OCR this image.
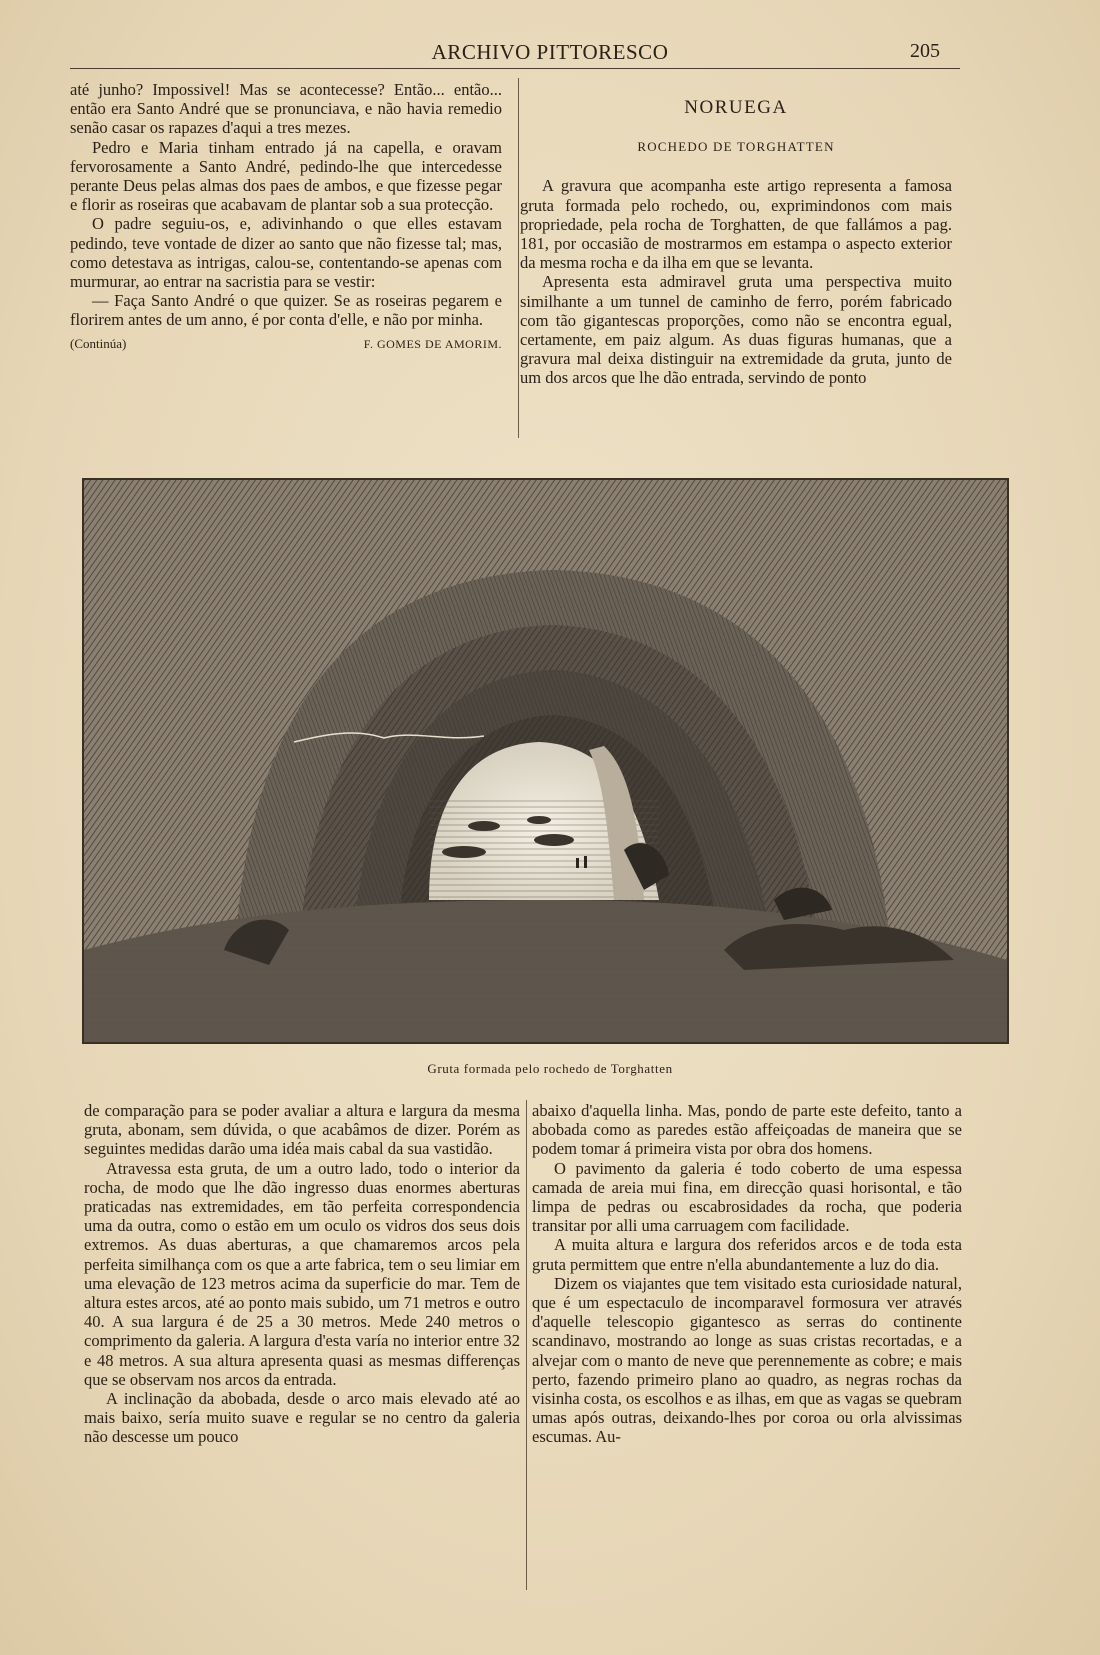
ARCHIVO PITTORESCO	205

até junho? Impossivel! Mas se acontecesse? Então... então... então era Santo André que se pronunciava, e não havia remedio senão casar os rapazes d'aqui a tres mezes.

Pedro e Maria tinham entrado já na capella, e oravam fervorosamente a Santo André, pedindo-lhe que intercedesse perante Deus pelas almas dos paes de ambos, e que fizesse pegar e florir as roseiras que acabavam de plantar sob a sua protecção.

O padre seguiu-os, e, adivinhando o que elles estavam pedindo, teve vontade de dizer ao santo que não fizesse tal; mas, como detestava as intrigas, calou-se, contentando-se apenas com murmurar, ao entrar na sacristia para se vestir:

— Faça Santo André o que quizer. Se as roseiras pegarem e florirem antes de um anno, é por conta d'elle, e não por minha.

(Continúa)	F. GOMES DE AMORIM.
NORUEGA
ROCHEDO DE TORGHATTEN

A gravura que acompanha este artigo representa a famosa gruta formada pelo rochedo, ou, exprimindonos com mais propriedade, pela rocha de Torghatten, de que fallámos a pag. 181, por occasião de mostrarmos em estampa o aspecto exterior da mesma rocha e da ilha em que se levanta.

Apresenta esta admiravel gruta uma perspectiva muito similhante a um tunnel de caminho de ferro, porém fabricado com tão gigantescas proporções, como não se encontra egual, certamente, em paiz algum. As duas figuras humanas, que a gravura mal deixa distinguir na extremidade da gruta, junto de um dos arcos que lhe dão entrada, servindo de ponto

Gruta formada pelo rochedo de Torghatten

de comparação para se poder avaliar a altura e largura da mesma gruta, abonam, sem dúvida, o que acabâmos de dizer. Porém as seguintes medidas darão uma idéa mais cabal da sua vastidão.

Atravessa esta gruta, de um a outro lado, todo o interior da rocha, de modo que lhe dão ingresso duas enormes aberturas praticadas nas extremidades, em tão perfeita correspondencia uma da outra, como o estão em um oculo os vidros dos seus dois extremos. As duas aberturas, a que chamaremos arcos pela perfeita similhança com os que a arte fabrica, tem o seu limiar em uma elevação de 123 metros acima da superficie do mar. Tem de altura estes arcos, até ao ponto mais subido, um 71 metros e outro 40. A sua largura é de 25 a 30 metros. Mede 240 metros o comprimento da galeria. A largura d'esta varía no interior entre 32 e 48 metros. A sua altura apresenta quasi as mesmas differenças que se observam nos arcos da entrada.

A inclinação da abobada, desde o arco mais elevado até ao mais baixo, sería muito suave e regular se no centro da galeria não descesse um pouco

abaixo d'aquella linha. Mas, pondo de parte este defeito, tanto a abobada como as paredes estão affeiçoadas de maneira que se podem tomar á primeira vista por obra dos homens.

O pavimento da galeria é todo coberto de uma espessa camada de areia mui fina, em direcção quasi horisontal, e tão limpa de pedras ou escabrosidades da rocha, que poderia transitar por alli uma carruagem com facilidade.

A muita altura e largura dos referidos arcos e de toda esta gruta permittem que entre n'ella abundantemente a luz do dia.

Dizem os viajantes que tem visitado esta curiosidade natural, que é um espectaculo de incomparavel formosura ver através d'aquelle telescopio gigantesco as serras do continente scandinavo, mostrando ao longe as suas cristas recortadas, e a alvejar com o manto de neve que perennemente as cobre; e mais perto, fazendo primeiro plano ao quadro, as negras rochas da visinha costa, os escolhos e as ilhas, em que as vagas se quebram umas após outras, deixando-lhes por coroa ou orla alvissimas escumas. Au-
